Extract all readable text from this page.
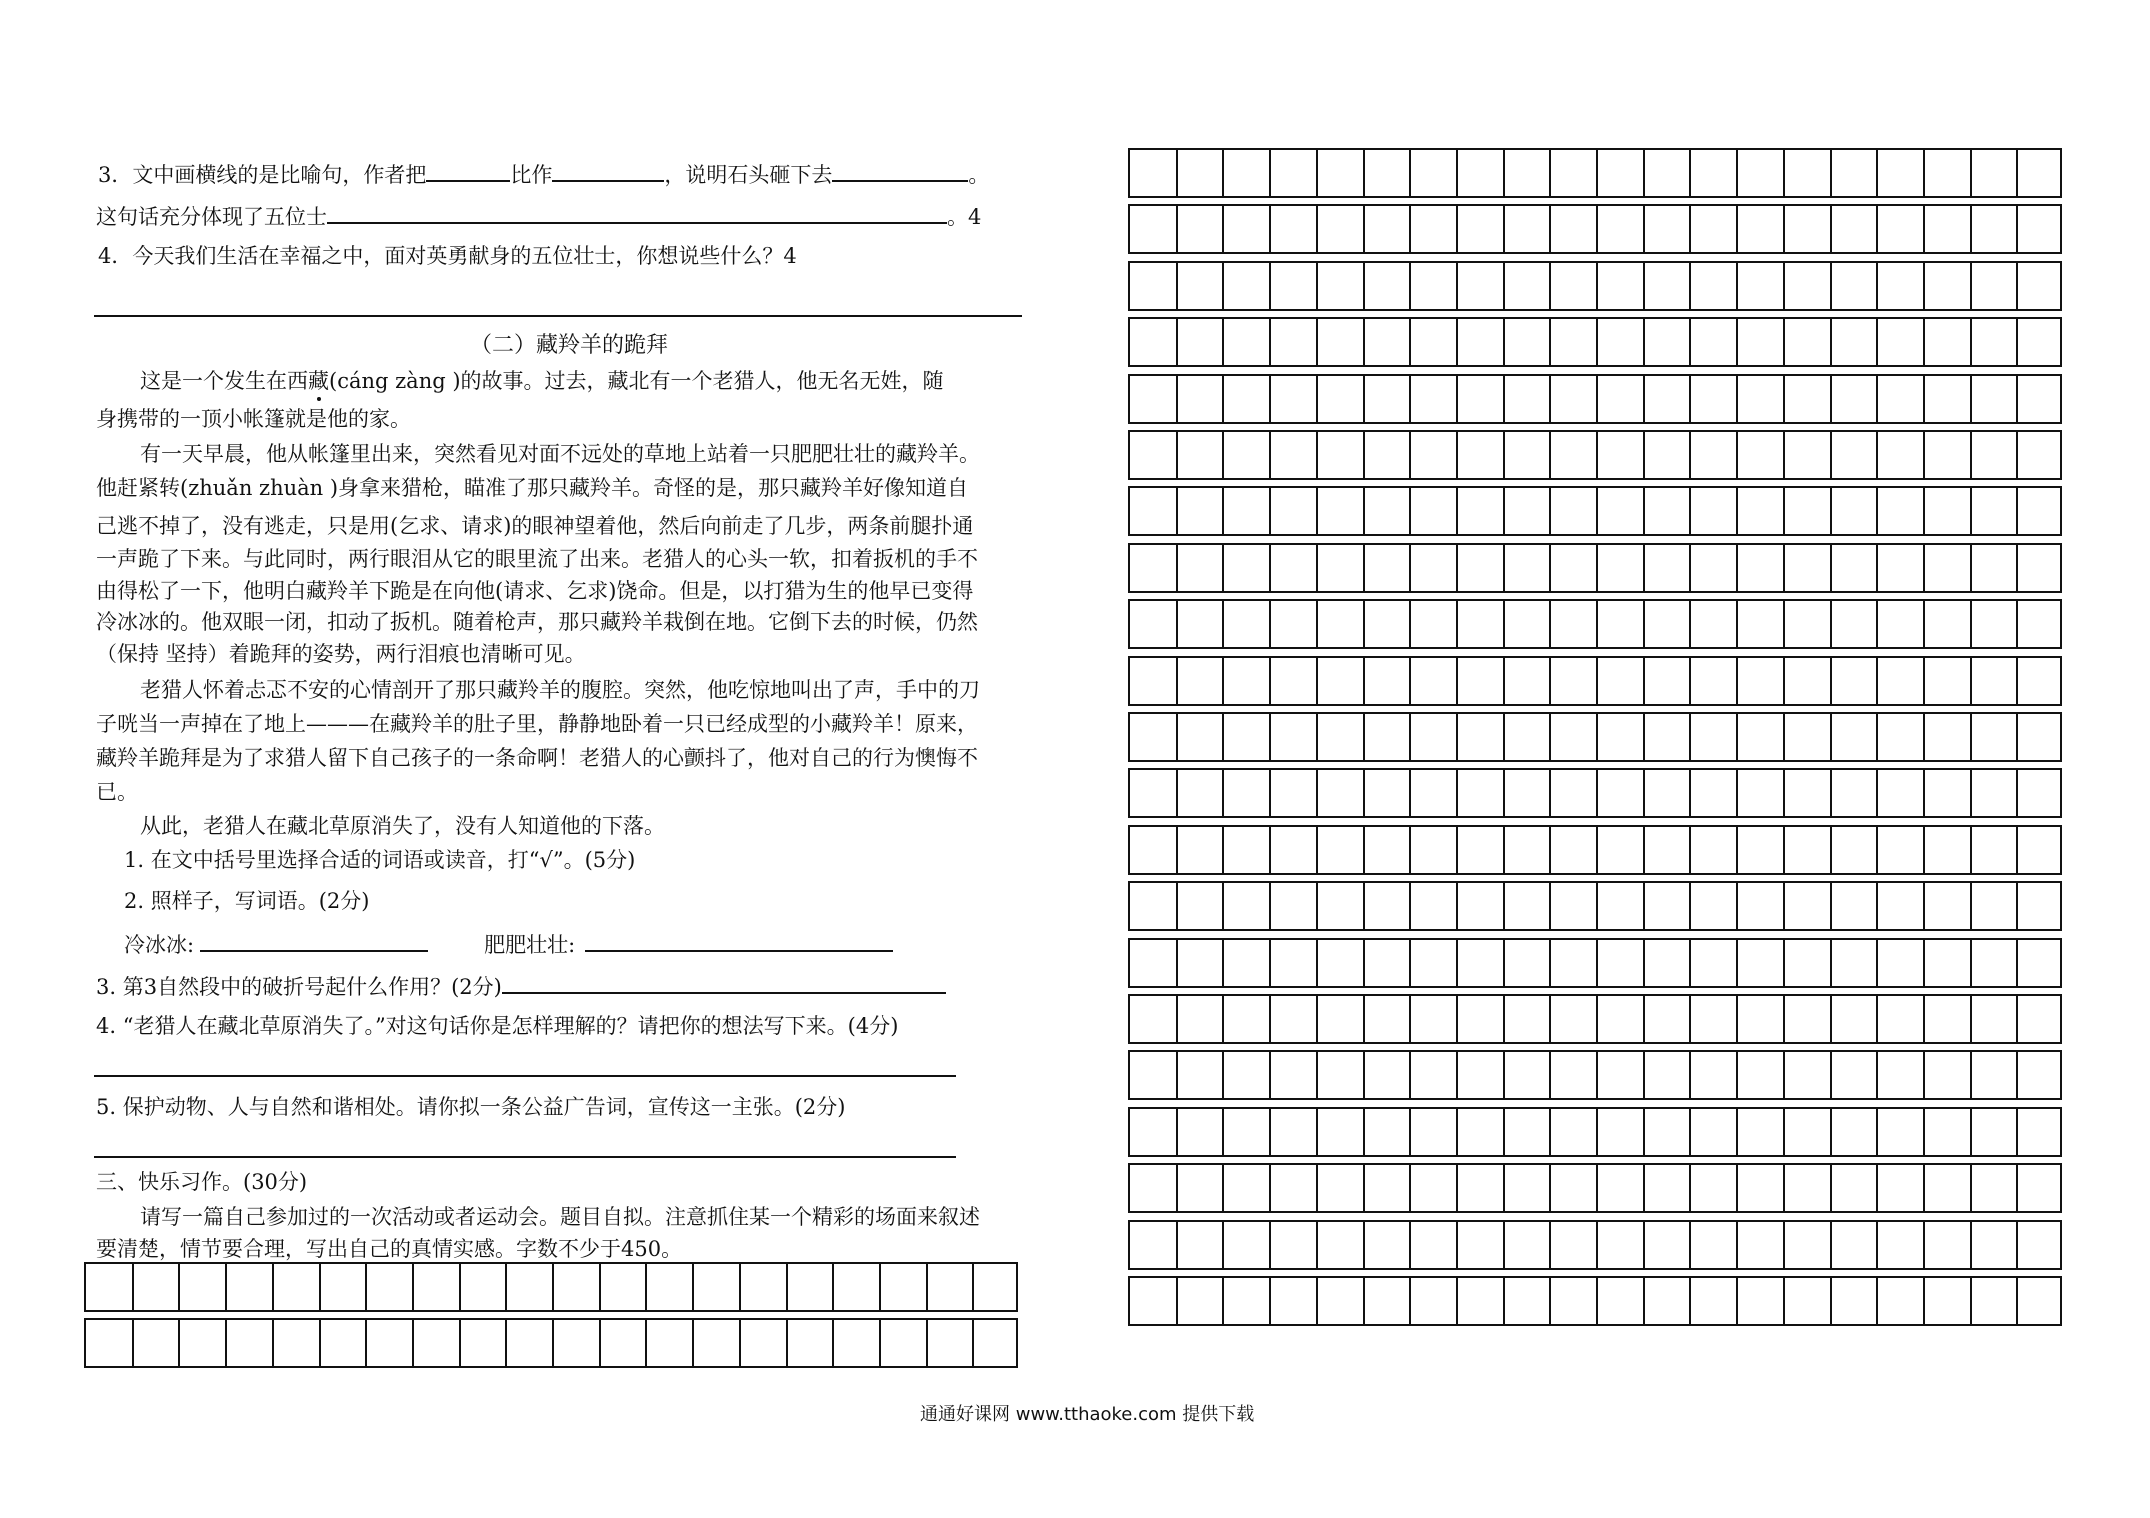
3．文中画横线的是比喻句，作者把	比作	，说明石头砸下去	。
这句话充分体现了五位士	。4
4．今天我们生活在幸福之中，面对英勇献身的五位壮士，你想说些什么？4
（二）藏羚羊的跪拜
这是一个发生在西藏(cáng zàng )的故事。过去，藏北有一个老猎人，他无名无姓，随
身携带的一顶小帐篷就是他的家。
有一天早晨，他从帐篷里出来，突然看见对面不远处的草地上站着一只肥肥壮壮的藏羚羊。
他赶紧转(zhuǎn zhuàn )身拿来猎枪，瞄准了那只藏羚羊。奇怪的是，那只藏羚羊好像知道自
己逃不掉了，没有逃走，只是用(乞求、请求)的眼神望着他，然后向前走了几步，两条前腿扑通
一声跪了下来。与此同时，两行眼泪从它的眼里流了出来。老猎人的心头一软，扣着扳机的手不
由得松了一下，他明白藏羚羊下跪是在向他(请求、乞求)饶命。但是，以打猎为生的他早已变得
冷冰冰的。他双眼一闭，扣动了扳机。随着枪声，那只藏羚羊栽倒在地。它倒下去的时候，仍然
（保持 坚持）着跪拜的姿势，两行泪痕也清晰可见。
老猎人怀着忐忑不安的心情剖开了那只藏羚羊的腹腔。突然，他吃惊地叫出了声，手中的刀
子咣当一声掉在了地上———在藏羚羊的肚子里，静静地卧着一只已经成型的小藏羚羊！原来，
藏羚羊跪拜是为了求猎人留下自己孩子的一条命啊！老猎人的心颤抖了，他对自己的行为懊悔不
已。
从此，老猎人在藏北草原消失了，没有人知道他的下落。
1. 在文中括号里选择合适的词语或读音，打“√”。(5分)
2. 照样子，写词语。(2分)
冷冰冰:	肥肥壮壮:
3. 第3自然段中的破折号起什么作用？(2分)
4. “老猎人在藏北草原消失了。”对这句话你是怎样理解的？请把你的想法写下来。(4分)
5. 保护动物、人与自然和谐相处。请你拟一条公益广告词，宣传这一主张。(2分)
三、快乐习作。(30分)
请写一篇自己参加过的一次活动或者运动会。题目自拟。注意抓住某一个精彩的场面来叙述
要清楚，情节要合理，写出自己的真情实感。字数不少于450。
通通好课网 www.tthaoke.com 提供下载
